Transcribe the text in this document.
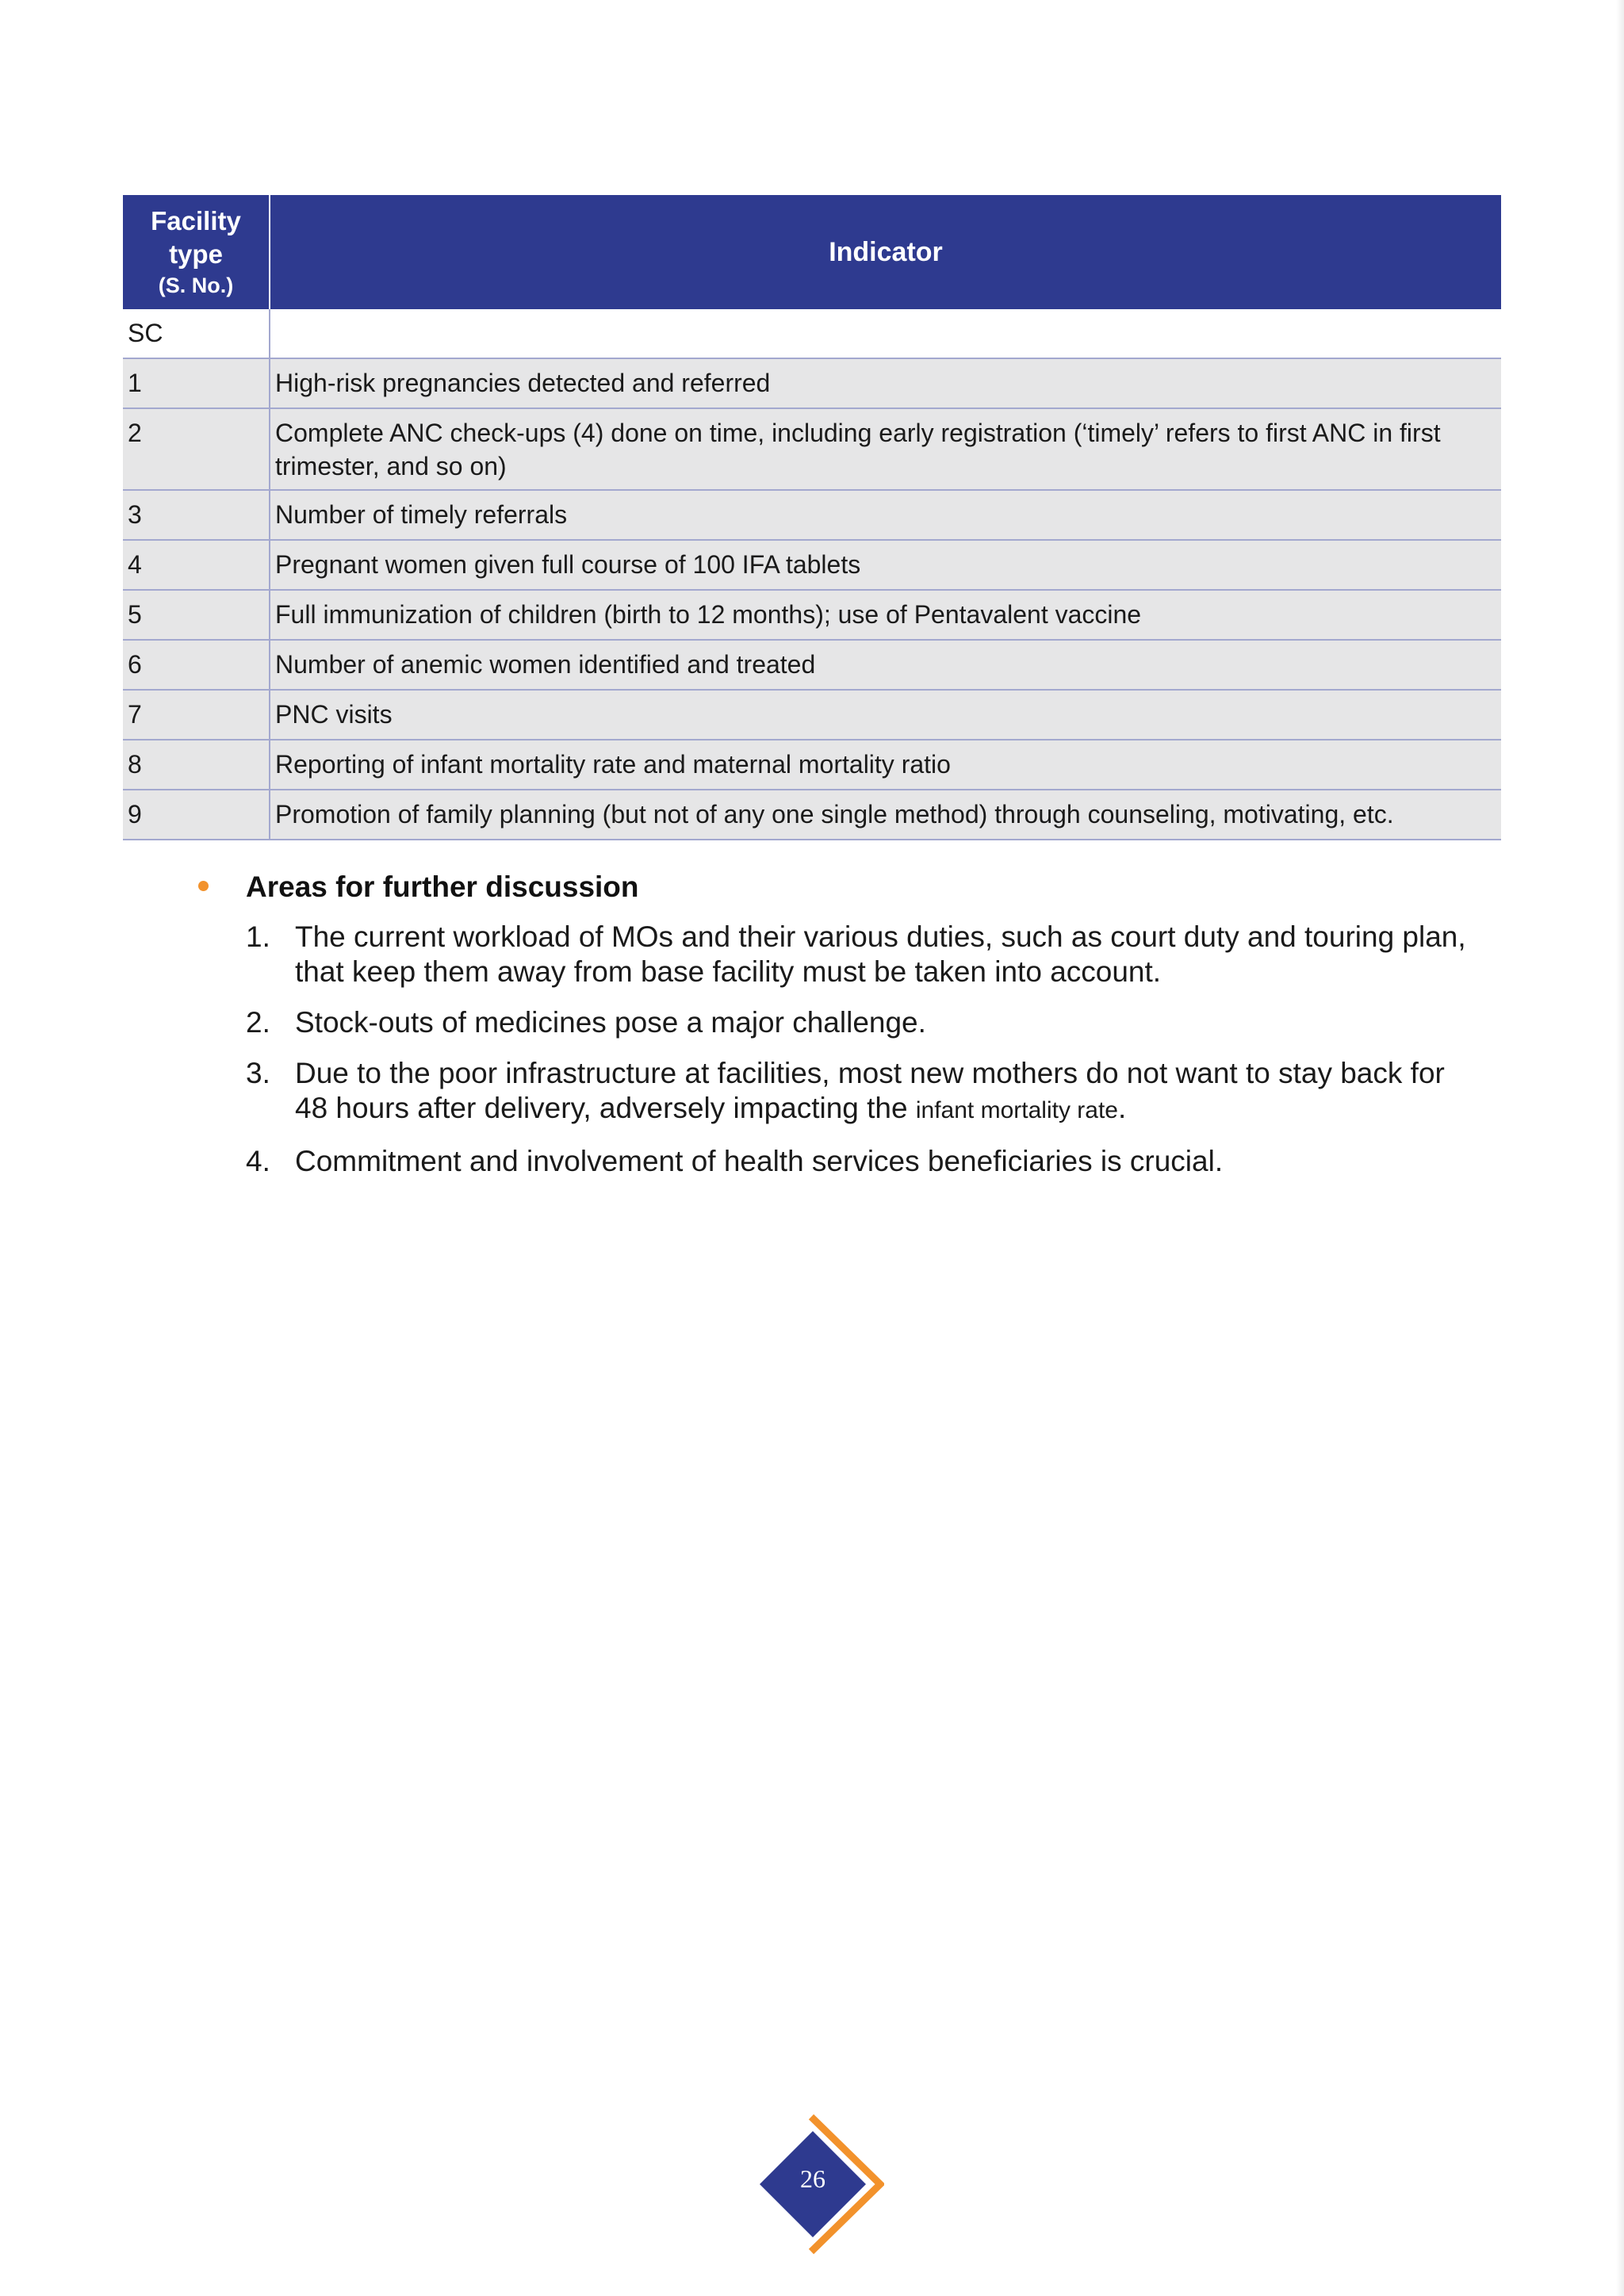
Facility
type
(S. No.)	Indicator
SC	
1	High-risk pregnancies detected and referred
2	Complete ANC check-ups (4) done on time, including early registration (‘timely’ refers to first ANC in first trimester, and so on)
3	Number of timely referrals
4	Pregnant women given full course of 100 IFA tablets
5	Full immunization of children (birth to 12 months); use of Pentavalent vaccine
6	Number of anemic women identified and treated
7	PNC visits
8	Reporting of infant mortality rate and maternal mortality ratio
9	Promotion of family planning (but not of any one single method) through counseling, motivating, etc.
Areas for further discussion
1. The current workload of MOs and their various duties, such as court duty and touring plan, that keep them away from base facility must be taken into account.
2. Stock-outs of medicines pose a major challenge.
3. Due to the poor infrastructure at facilities, most new mothers do not want to stay back for 48 hours after delivery, adversely impacting the infant mortality rate.
4. Commitment and involvement of health services beneficiaries is crucial.
26
